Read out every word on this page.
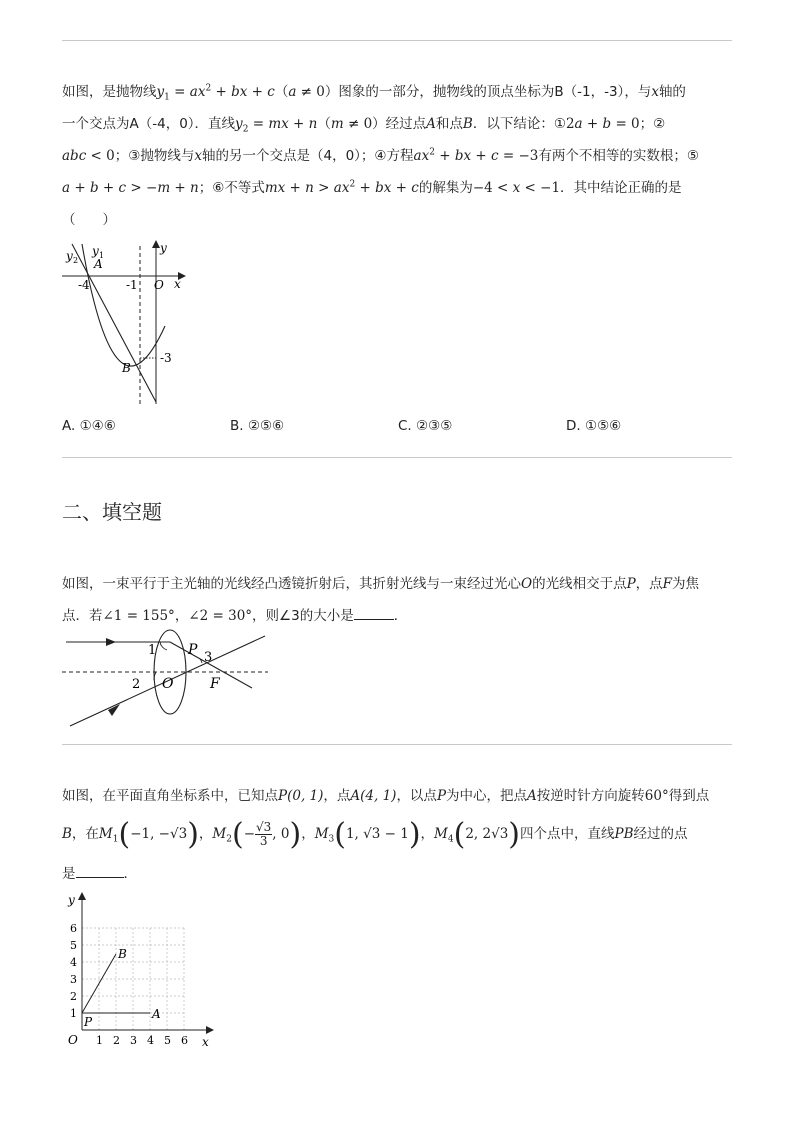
如图，是抛物线$y_1 = ax^2$ + bx + c（a ≠ 0）图象的一部分，抛物线的顶点坐标为B（-1，-3），与x轴的
一个交点为A（-4，0）．直线$y_2$ = mx + n（m ≠ 0）经过点A和点B．以下结论：①2a + b = 0；②
abc < 0；③抛物线与x轴的另一个交点是（4，0）；④方程$ax^2$ + bx + c = −3有两个不相等的实数根；⑤
a + b + c > −m + n；⑥不等式mx + $n > ax^2$ + bx + c的解集为−4 < x < −1．其中结论正确的是
（　　）
y 2
y 1
A
y
-4	-1 O x
-3
B
A. ①④⑥	B. ②⑤⑥	C. ②③⑤	D. ①⑤⑥
二、填空题
如图，一束平行于主光轴的光线经凸透镜折射后，其折射光线与一束经过光心O的光线相交于点P，点F为焦
点．若∠1 = 155°，∠2 = 30°，则∠3的大小是	．
1 P 3
2 O	F
如图，在平面直角坐标系中，已知点P(0, 1)，点A(4, 1)，以点P为中心，把点A按逆时针方向旋转60°得到点
B，在$M_1(-1$, −√3)，$M_2(- \frac{√3}{3}$ , 0)，$M_3(1$, √3 − 1)，$M_4(2$, 2√3)四个点中，直线PB经过的点
是	．
1 2 3 4 5 6
1
2
3
4
5
6
y
x
O
P
A
B
